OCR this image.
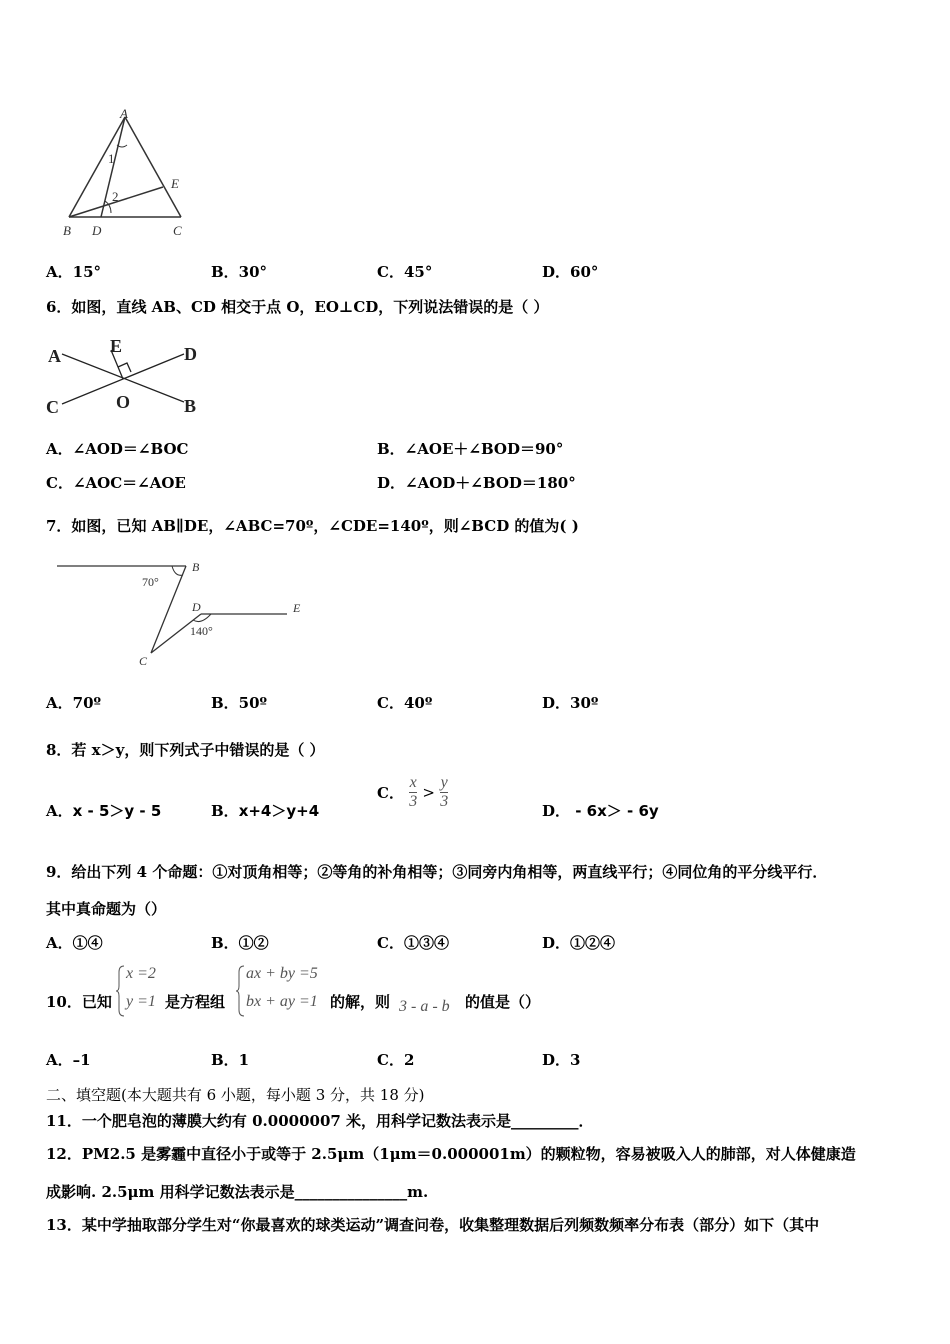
A
B	C
D
E
1
2
A．15°	B．30°	C．45°	D．60°
6．如图，直线 AB、CD 相交于点 O，EO⊥CD，下列说法错误的是（ ）
A
C
E	D
O	B
A．∠AOD＝∠BOC	B．∠AOE＋∠BOD＝90°
C．∠AOC＝∠AOE	D．∠AOD＋∠BOD＝180°
7．如图，已知 AB∥DE，∠ABC=70º，∠CDE=140º，则∠BCD 的值为( )
B
D	E
C
70°
140°
A．70º	B．50º	C．40º	D．30º
8．若 x＞y，则下列式子中错误的是（ ）
A．x - 5＞y - 5	B．x+4＞y+4
C． $\frac{x}{3} > \frac{y}{3}$	D． - 6x＞ - 6y
9．给出下列 4 个命题：①对顶角相等；②等角的补角相等；③同旁内角相等，两直线平行；④同位角的平分线平行．
其中真命题为（）
A．①④	B．①②	C．①③④	D．①②④
10．已知
x =2
y =1 是方程组
ax + by =5
bx + ay =1 的解，则 3 - a - b 的值是（）
A．–1	B．1	C．2	D．3
二、填空题(本大题共有 6 小题，每小题 3 分，共 18 分)
11．一个肥皂泡的薄膜大约有 0.0000007 米，用科学记数法表示是_________．
12．PM2.5 是雾霾中直径小于或等于 2.5μm（1μm＝0.000001m）的颗粒物，容易被吸入人的肺部，对人体健康造
成影响. 2.5μm 用科学记数法表示是_______________m.
13．某中学抽取部分学生对“你最喜欢的球类运动”调查问卷，收集整理数据后列频数频率分布表（部分）如下（其中
